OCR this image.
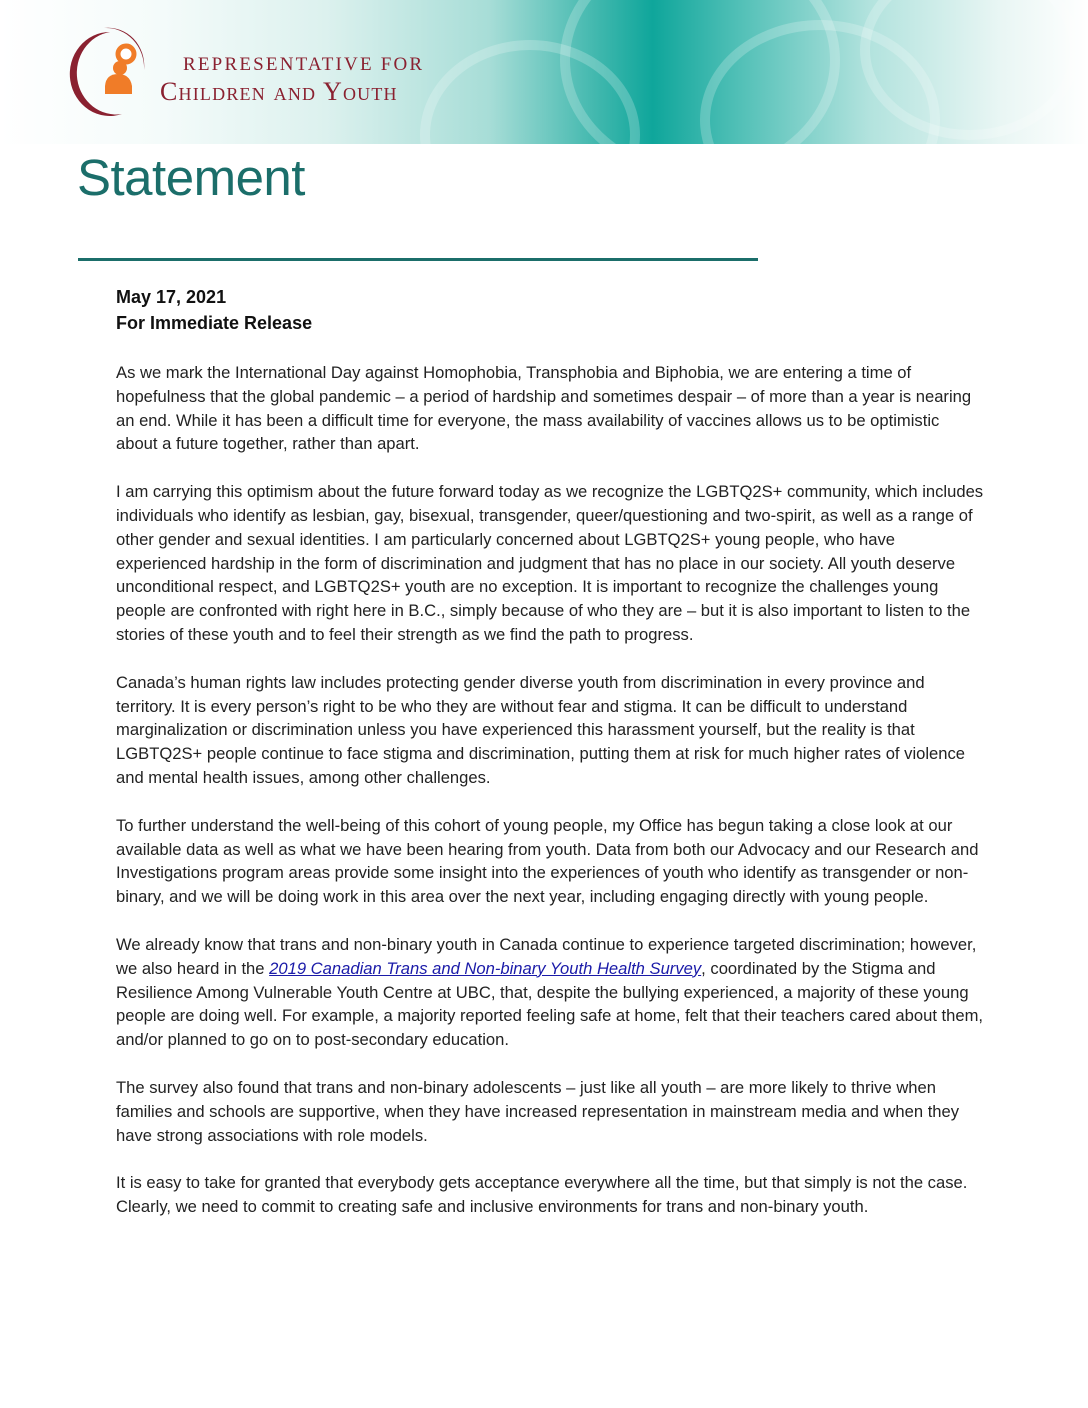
REPRESENTATIVE FOR
Children and Youth
Statement
May 17, 2021
For Immediate Release

As we mark the International Day against Homophobia, Transphobia and Biphobia, we are entering a time of hopefulness that the global pandemic – a period of hardship and sometimes despair – of more than a year is nearing an end. While it has been a difficult time for everyone, the mass availability of vaccines allows us to be optimistic about a future together, rather than apart.

I am carrying this optimism about the future forward today as we recognize the LGBTQ2S+ community, which includes individuals who identify as lesbian, gay, bisexual, transgender, queer/questioning and two-spirit, as well as a range of other gender and sexual identities. I am particularly concerned about LGBTQ2S+ young people, who have experienced hardship in the form of discrimination and judgment that has no place in our society. All youth deserve unconditional respect, and LGBTQ2S+ youth are no exception. It is important to recognize the challenges young people are confronted with right here in B.C., simply because of who they are – but it is also important to listen to the stories of these youth and to feel their strength as we find the path to progress.

Canada’s human rights law includes protecting gender diverse youth from discrimination in every province and territory. It is every person’s right to be who they are without fear and stigma. It can be difficult to understand marginalization or discrimination unless you have experienced this harassment yourself, but the reality is that LGBTQ2S+ people continue to face stigma and discrimination, putting them at risk for much higher rates of violence and mental health issues, among other challenges.

To further understand the well-being of this cohort of young people, my Office has begun taking a close look at our available data as well as what we have been hearing from youth. Data from both our Advocacy and our Research and Investigations program areas provide some insight into the experiences of youth who identify as transgender or non-binary, and we will be doing work in this area over the next year, including engaging directly with young people.

We already know that trans and non-binary youth in Canada continue to experience targeted discrimination; however, we also heard in the 2019 Canadian Trans and Non-binary Youth Health Survey, coordinated by the Stigma and Resilience Among Vulnerable Youth Centre at UBC, that, despite the bullying experienced, a majority of these young people are doing well. For example, a majority reported feeling safe at home, felt that their teachers cared about them, and/or planned to go on to post-secondary education.

The survey also found that trans and non-binary adolescents – just like all youth – are more likely to thrive when families and schools are supportive, when they have increased representation in mainstream media and when they have strong associations with role models.

It is easy to take for granted that everybody gets acceptance everywhere all the time, but that simply is not the case. Clearly, we need to commit to creating safe and inclusive environments for trans and non-binary youth.
